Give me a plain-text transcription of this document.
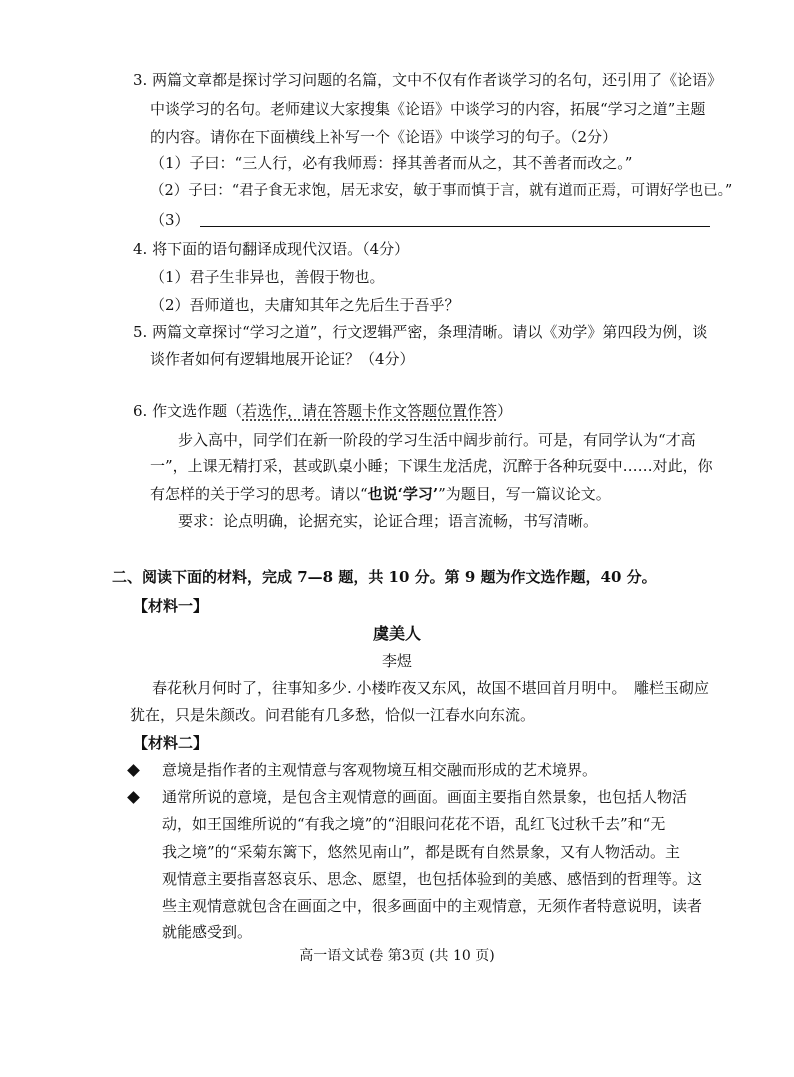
3. 两篇文章都是探讨学习问题的名篇，文中不仅有作者谈学习的名句，还引用了《论语》
中谈学习的名句。老师建议大家搜集《论语》中谈学习的内容，拓展“学习之道”主题
的内容。请你在下面横线上补写一个《论语》中谈学习的句子。（2分）
（1）子曰：“三人行，必有我师焉：择其善者而从之，其不善者而改之。”
（2）子曰：“君子食无求饱，居无求安，敏于事而慎于言，就有道而正焉，可谓好学也已。”
（3）
4. 将下面的语句翻译成现代汉语。（4分）
（1）君子生非异也，善假于物也。
（2）吾师道也，夫庸知其年之先后生于吾乎？
5. 两篇文章探讨“学习之道”，行文逻辑严密，条理清晰。请以《劝学》第四段为例，谈
谈作者如何有逻辑地展开论证？（4分）
6. 作文选作题（若选作，请在答题卡作文答题位置作答）
步入高中，同学们在新一阶段的学习生活中阔步前行。可是，有同学认为“才高
一”，上课无精打采，甚或趴桌小睡；下课生龙活虎，沉醉于各种玩耍中……对此，你
有怎样的关于学习的思考。请以“也说‘学习’”为题目，写一篇议论文。
要求：论点明确，论据充实，论证合理；语言流畅，书写清晰。
二、阅读下面的材料，完成 7—8 题，共 10 分。第 9 题为作文选作题，40 分。
【材料一】
虞美人
李煜
春花秋月何时了，往事知多少. 小楼昨夜又东风，故国不堪回首月明中。　雕栏玉砌应
犹在，只是朱颜改。问君能有几多愁，恰似一江春水向东流。
【材料二】
意境是指作者的主观情意与客观物境互相交融而形成的艺术境界。
通常所说的意境，是包含主观情意的画面。画面主要指自然景象，也包括人物活
动，如王国维所说的“有我之境”的“泪眼问花花不语，乱红飞过秋千去”和“无
我之境”的“采菊东篱下，悠然见南山”，都是既有自然景象，又有人物活动。主
观情意主要指喜怒哀乐、思念、愿望，也包括体验到的美感、感悟到的哲理等。这
些主观情意就包含在画面之中，很多画面中的主观情意，无须作者特意说明，读者
就能感受到。
高一语文试卷 第3页 (共 10 页)
